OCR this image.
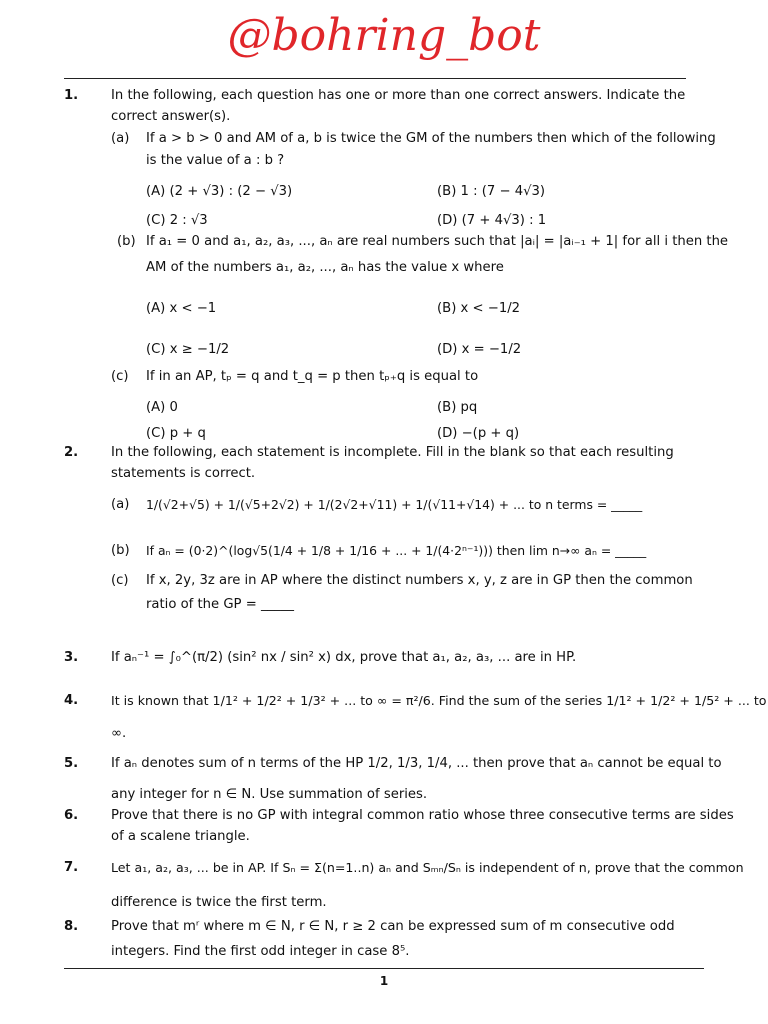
@bohring_bot
1. In the following, each question has one or more than one correct answers. Indicate the
correct answer(s).
(a) If a > b > 0 and AM of a, b is twice the GM of the numbers then which of the following
is the value of a : b ?
(A) (2 + √3) : (2 − √3)	(B) 1 : (7 − 4√3)
(C) 2 : √3	(D) (7 + 4√3) : 1
(b) If a₁ = 0 and a₁, a₂, a₃, ..., aₙ are real numbers such that |aᵢ| = |aᵢ₋₁ + 1| for all i then the
AM of the numbers a₁, a₂, ..., aₙ has the value x where
(A) x < −1	(B) x < −1/2
(C) x ≥ −1/2	(D) x = −1/2
(c) If in an AP, tₚ = q and t_q = p then tₚ₊q is equal to
(A) 0	(B) pq
(C) p + q	(D) −(p + q)
2. In the following, each statement is incomplete. Fill in the blank so that each resulting
statements is correct.
(a) 1/(√2+√5) + 1/(√5+2√2) + 1/(2√2+√11) + 1/(√11+√14) + ... to n terms = _____
(b) If aₙ = (0·2)^(log√5(1/4 + 1/8 + 1/16 + ... + 1/(4·2ⁿ⁻¹))) then lim n→∞ aₙ = _____
(c) If x, 2y, 3z are in AP where the distinct numbers x, y, z are in GP then the common
ratio of the GP = _____
3. If aₙ⁻¹ = ∫₀^(π/2) (sin² nx / sin² x) dx, prove that a₁, a₂, a₃, ... are in HP.
4.	It is known that 1/1² + 1/2² + 1/3² + ... to ∞ = π²/6. Find the sum of the series 1/1² + 1/2² + 1/5² + ... to
∞.
5. If aₙ denotes sum of n terms of the HP 1/2, 1/3, 1/4, ... then prove that aₙ cannot be equal to
any integer for n ∈ N. Use summation of series.
6. Prove that there is no GP with integral common ratio whose three consecutive terms are sides
of a scalene triangle.
7.	Let a₁, a₂, a₃, ... be in AP. If Sₙ = Σ(n=1..n) aₙ and Sₘₙ/Sₙ is independent of n, prove that the common
difference is twice the first term.
8. Prove that mʳ where m ∈ N, r ∈ N, r ≥ 2 can be expressed sum of m consecutive odd
integers. Find the first odd integer in case 8⁵.
1
